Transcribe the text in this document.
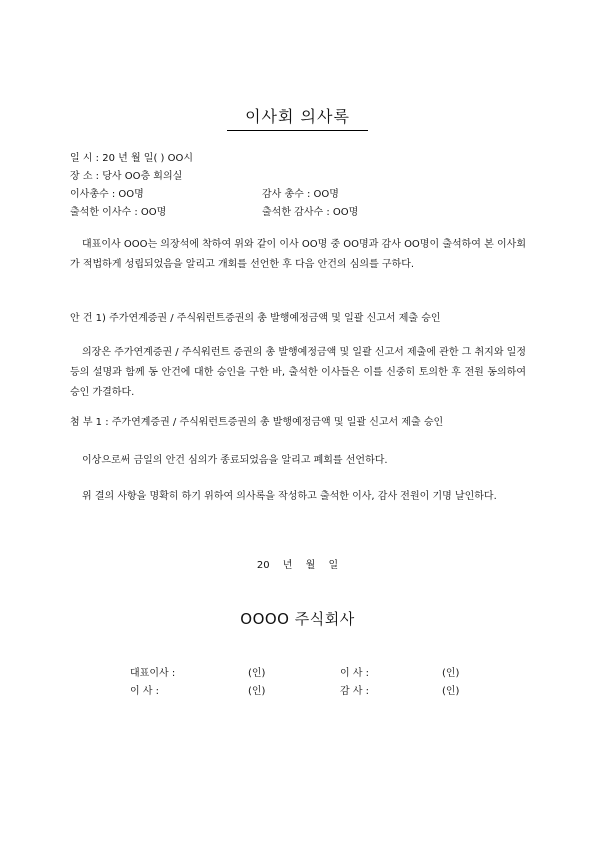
이사회 의사록
일 시 : 20 년 월 일( ) OO시
장 소 : 당사 OO층 회의실
이사총수 : OO명	감사 총수 : OO명
출석한 이사수 : OO명	출석한 감사수 : OO명
대표이사 OOO는 의장석에 착하여 위와 같이 이사 OO명 중 OO명과 감사 OO명이 출석하여 본 이사회가 적법하게 성립되었음을 알리고 개회를 선언한 후 다음 안건의 심의를 구하다.
안 건 1) 주가연계증권 / 주식워런트증권의 총 발행예정금액 및 일괄 신고서 제출 승인
의장은 주가연계증권 / 주식워런트 증권의 총 발행예정금액 및 일괄 신고서 제출에 관한 그 취지와 일정 등의 설명과 함께 동 안건에 대한 승인을 구한 바, 출석한 이사들은 이를 신중히 토의한 후 전원 동의하여 승인 가결하다.
첨 부 1 : 주가연계증권 / 주식워런트증권의 총 발행예정금액 및 일괄 신고서 제출 승인
이상으로써 금일의 안건 심의가 종료되었음을 알리고 폐회를 선언하다.
위 결의 사항을 명확히 하기 위하여 의사록을 작성하고 출석한 이사, 감사 전원이 기명 날인하다.
20 년 월 일
OOOO 주식회사
대표이사 :	(인)	이 사 :	(인)
이 사 :	(인)	감 사 :	(인)
